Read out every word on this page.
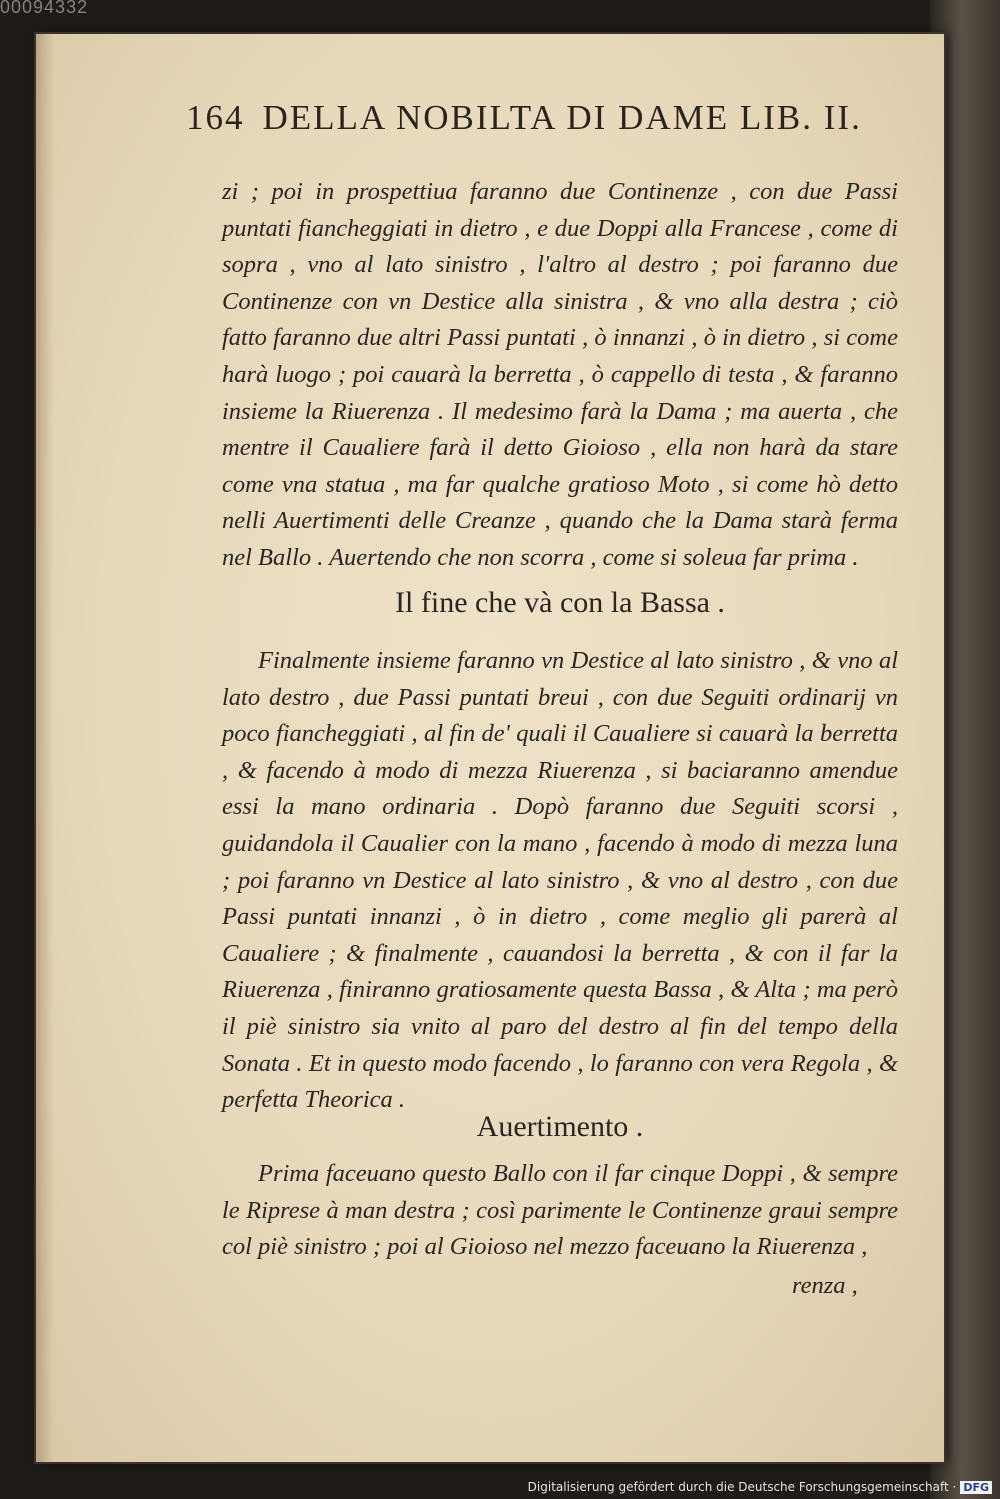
00094332
164 DELLA NOBILTA DI DAME LIB. II.

zi ; poi in prospettiua faranno due Continenze , con due Passi puntati fiancheggiati in dietro , e due Doppi alla Francese , come di sopra , vno al lato sinistro , l'altro al destro ; poi faranno due Continenze con vn Destice alla sinistra , & vno alla destra ; ciò fatto faranno due altri Passi puntati , ò innanzi , ò in dietro , si come harà luogo ; poi cauarà la berretta , ò cappello di testa , & faranno insieme la Riuerenza . Il medesimo farà la Dama ; ma auerta , che mentre il Caualiere farà il detto Gioioso , ella non harà da stare come vna statua , ma far qualche gratioso Moto , si come hò detto nelli Auertimenti delle Creanze , quando che la Dama starà ferma nel Ballo . Auertendo che non scorra , come si soleua far prima .

Il fine che và con la Bassa .

Finalmente insieme faranno vn Destice al lato sinistro , & vno al lato destro , due Passi puntati breui , con due Seguiti ordinarij vn poco fiancheggiati , al fin de' quali il Caualiere si cauarà la berretta , & facendo à modo di mezza Riuerenza , si baciaranno amendue essi la mano ordinaria . Dopò faranno due Seguiti scorsi , guidandola il Caualier con la mano , facendo à modo di mezza luna ; poi faranno vn Destice al lato sinistro , & vno al destro , con due Passi puntati innanzi , ò in dietro , come meglio gli parerà al Caualiere ; & finalmente , cauandosi la berretta , & con il far la Riuerenza , finiranno gratiosamente questa Bassa , & Alta ; ma però il piè sinistro sia vnito al paro del destro al fin del tempo della Sonata . Et in questo modo facendo , lo faranno con vera Regola , & perfetta Theorica .

Auertimento .

Prima faceuano questo Ballo con il far cinque Doppi , & sempre le Riprese à man destra ; così parimente le Continenze graui sempre col piè sinistro ; poi al Gioioso nel mezzo faceuano la Riuerenza ,

renza ,
Digitalisierung gefördert durch die Deutsche Forschungsgemeinschaft · DFG
